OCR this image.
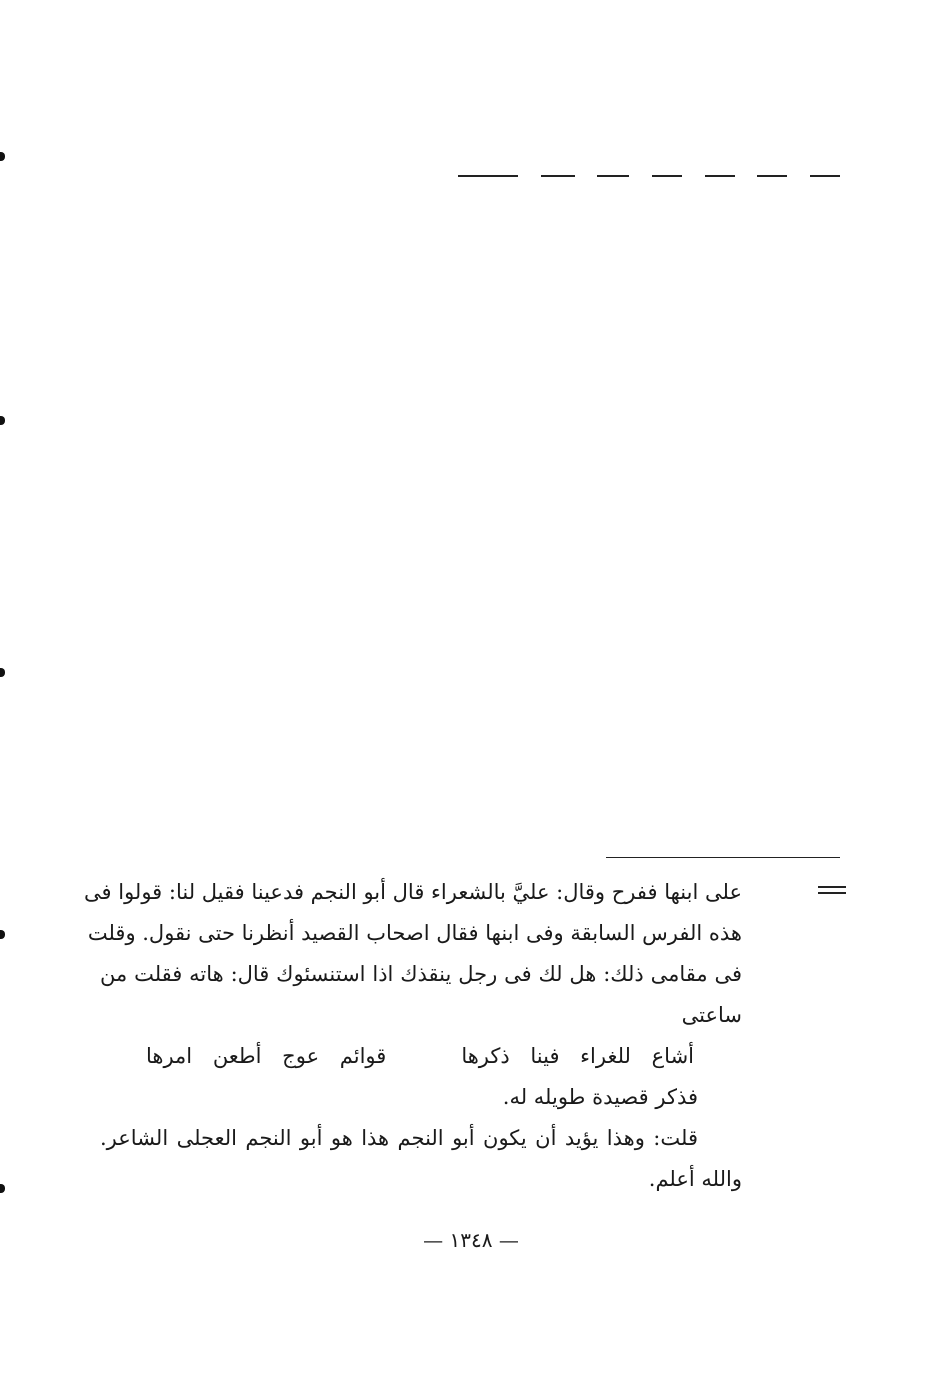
على ابنها ففرح وقال: عليَّ بالشعراء قال أبو النجم فدعينا فقيل لنا: قولوا فى
هذه الفرس السابقة وفى ابنها فقال اصحاب القصيد أنظرنا حتى نقول. وقلت
فى مقامى ذلك: هل لك فى رجل ينقذك اذا استنسئوك قال: هاته فقلت من
ساعتى
أشاع للغراء فينا ذكرها
قوائم عوج أطعن امرها
فذكر قصيدة طويله له.
قلت: وهذا يؤيد أن يكون أبو النجم هذا هو أبو النجم العجلى الشاعر.
والله أعلم.
— ١٣٤٨ —
